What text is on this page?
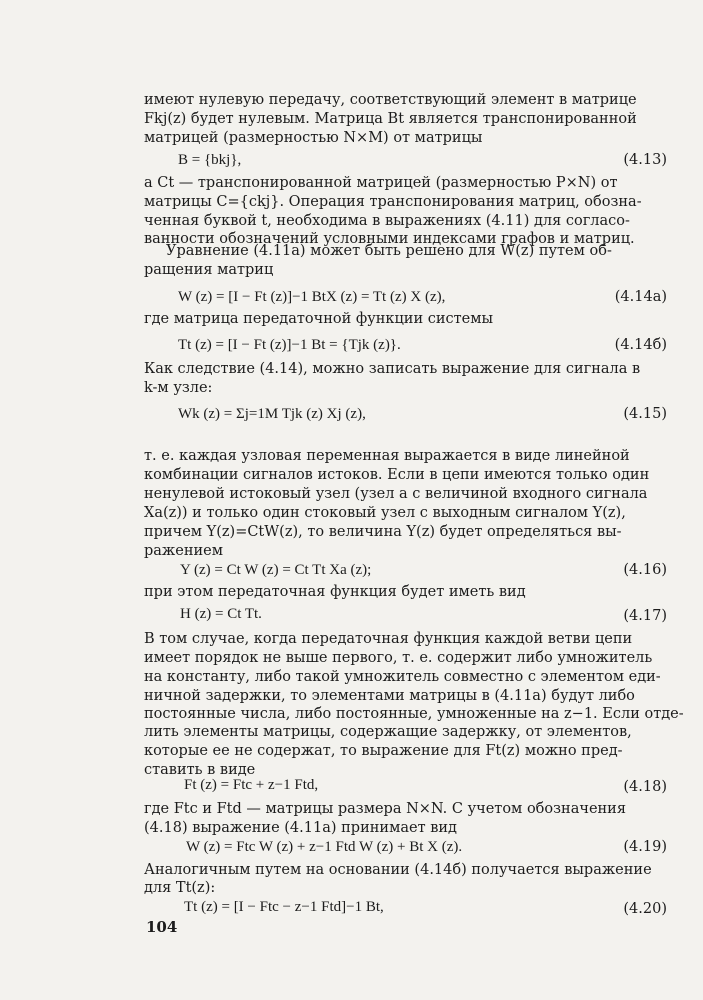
имеют нулевую передачу, соответствующий элемент в матрице
Fkj(z) будет нулевым. Матрица Bt является транспонированной
матрицей (размерностью N×M) от матрицы
B = {bkj},	(4.13)
а Ct — транспонированной матрицей (размерностью P×N) от
матрицы C={ckj}. Операция транспонирования матриц, обозна-
ченная буквой t, необходима в выражениях (4.11) для согласо-
ванности обозначений условными индексами графов и матриц.
Уравнение (4.11а) может быть решено для W(z) путем об-
ращения матриц
W (z) = [I − Ft (z)]−1 BtX (z) = Tt (z) X (z),	(4.14а)
где матрица передаточной функции системы
Tt (z) = [I − Ft (z)]−1 Bt = {Tjk (z)}.	(4.14б)
Как следствие (4.14), можно записать выражение для сигнала в
k-м узле:
Wk (z) = Σj=1M Tjk (z) Xj (z),	(4.15)
т. е. каждая узловая переменная выражается в виде линейной
комбинации сигналов истоков. Если в цепи имеются только один
ненулевой истоковый узел (узел a с величиной входного сигнала
Xa(z)) и только один стоковый узел с выходным сигналом Y(z),
причем Y(z)=CtW(z), то величина Y(z) будет определяться вы-
ражением
Y (z) = Ct W (z) = Ct Tt Xa (z);	(4.16)
при этом передаточная функция будет иметь вид
H (z) = Ct Tt.	(4.17)
В том случае, когда передаточная функция каждой ветви цепи
имеет порядок не выше первого, т. е. содержит либо умножитель
на константу, либо такой умножитель совместно с элементом еди-
ничной задержки, то элементами матрицы в (4.11а) будут либо
постоянные числа, либо постоянные, умноженные на z−1. Если отде-
лить элементы матрицы, содержащие задержку, от элементов,
которые ее не содержат, то выражение для Ft(z) можно пред-
ставить в виде
Ft (z) = Ftc + z−1 Ftd,	(4.18)
где Ftc и Ftd — матрицы размера N×N. С учетом обозначения
(4.18) выражение (4.11а) принимает вид
W (z) = Ftc W (z) + z−1 Ftd W (z) + Bt X (z).	(4.19)
Аналогичным путем на основании (4.14б) получается выражение
для Tt(z):
Tt (z) = [I − Ftc − z−1 Ftd]−1 Bt,	(4.20)
104
